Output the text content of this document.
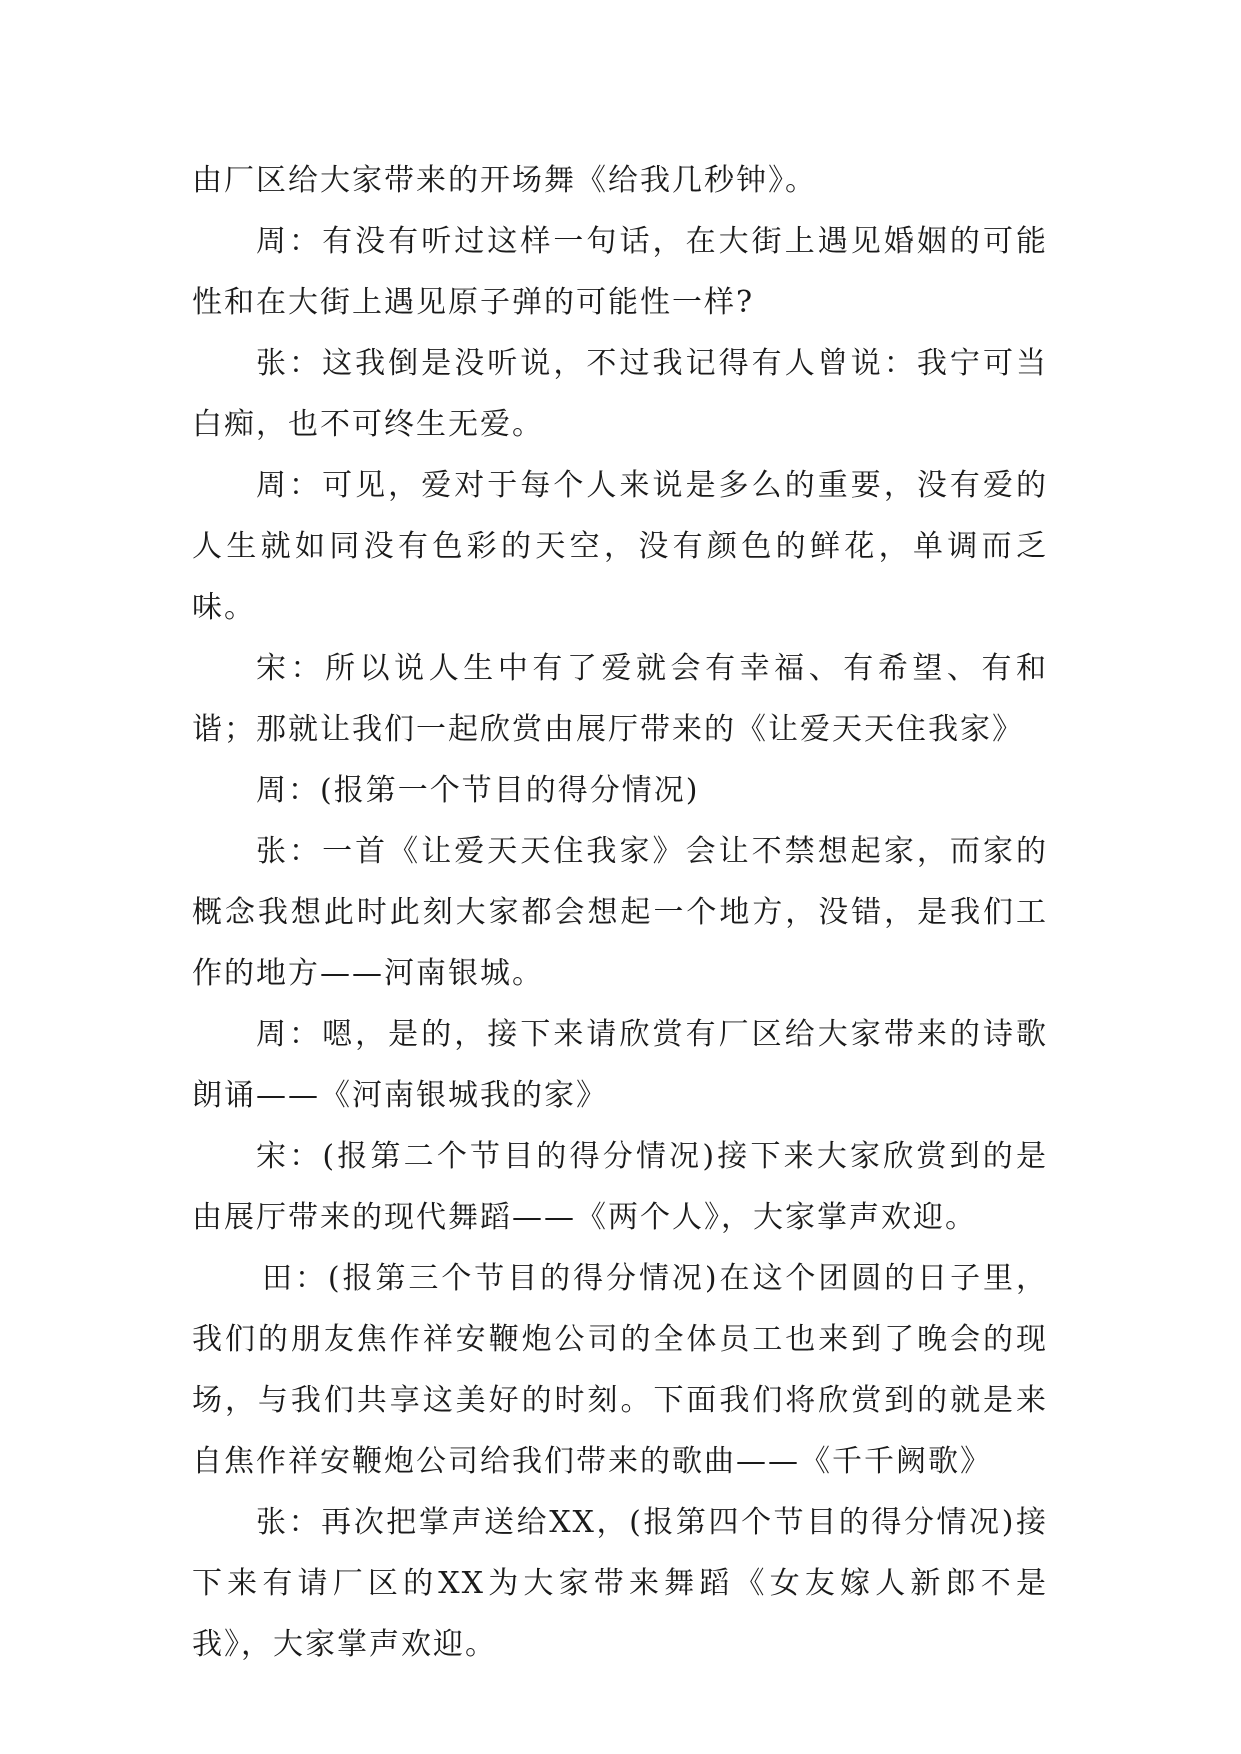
由厂区给大家带来的开场舞《给我几秒钟》。

周：有没有听过这样一句话，在大街上遇见婚姻的可能性和在大街上遇见原子弹的可能性一样?

张：这我倒是没听说，不过我记得有人曾说：我宁可当白痴，也不可终生无爱。

周：可见，爱对于每个人来说是多么的重要，没有爱的人生就如同没有色彩的天空，没有颜色的鲜花，单调而乏味。

宋：所以说人生中有了爱就会有幸福、有希望、有和谐；那就让我们一起欣赏由展厅带来的《让爱天天住我家》

周：(报第一个节目的得分情况)

张：一首《让爱天天住我家》会让不禁想起家，而家的概念我想此时此刻大家都会想起一个地方，没错，是我们工作的地方——河南银城。

周：嗯，是的，接下来请欣赏有厂区给大家带来的诗歌朗诵——《河南银城我的家》

宋：(报第二个节目的得分情况)接下来大家欣赏到的是由展厅带来的现代舞蹈——《两个人》，大家掌声欢迎。

田：(报第三个节目的得分情况)在这个团圆的日子里，我们的朋友焦作祥安鞭炮公司的全体员工也来到了晚会的现场，与我们共享这美好的时刻。下面我们将欣赏到的就是来自焦作祥安鞭炮公司给我们带来的歌曲——《千千阙歌》

张：再次把掌声送给XX，(报第四个节目的得分情况)接下来有请厂区的XX为大家带来舞蹈《女友嫁人新郎不是我》，大家掌声欢迎。
